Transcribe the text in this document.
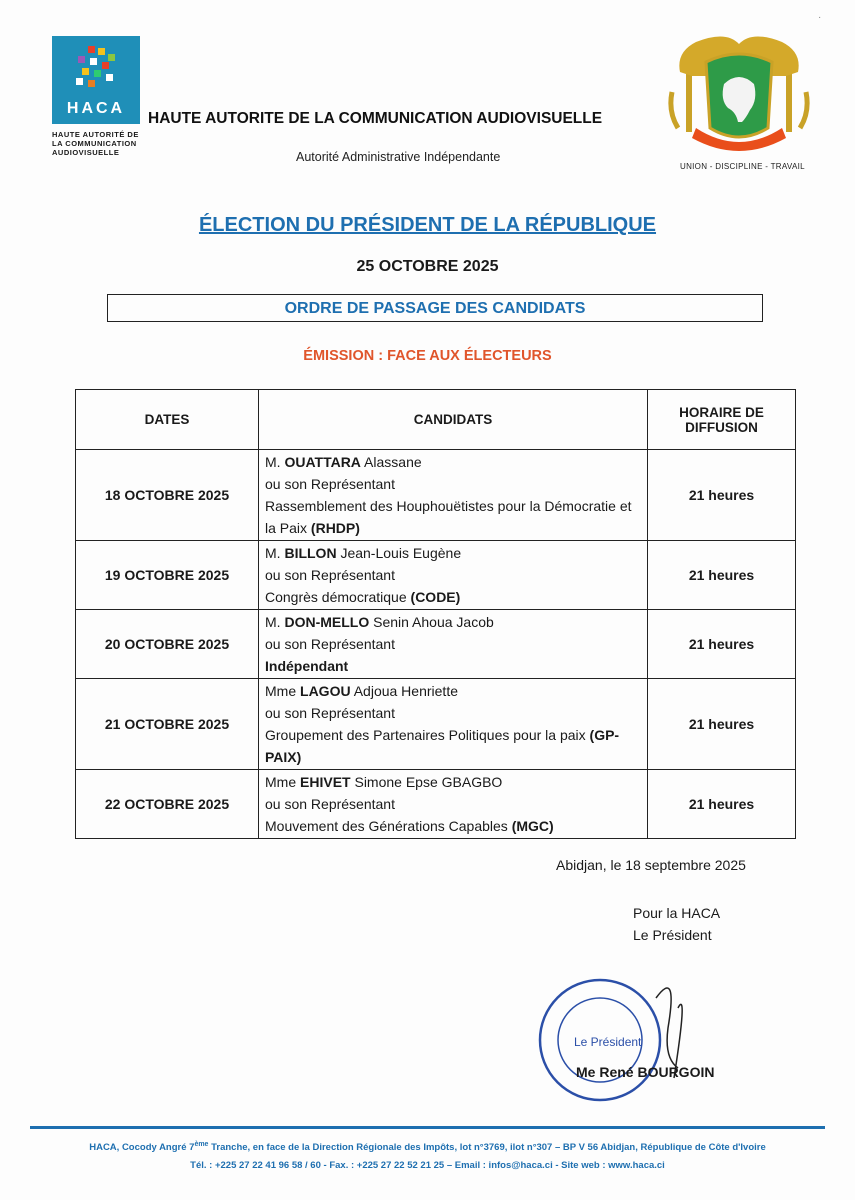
·
HACA
HAUTE AUTORITÉ DE
LA COMMUNICATION
AUDIOVISUELLE
HAUTE AUTORITE DE LA COMMUNICATION AUDIOVISUELLE
Autorité Administrative Indépendante
UNION - DISCIPLINE - TRAVAIL
ÉLECTION DU PRÉSIDENT DE LA RÉPUBLIQUE
25 OCTOBRE 2025
ORDRE DE PASSAGE DES CANDIDATS
ÉMISSION : FACE AUX ÉLECTEURS
DATES	CANDIDATS	HORAIRE DE
DIFFUSION
18 OCTOBRE 2025	M. OUATTARA Alassane
ou son Représentant
Rassemblement des Houphouëtistes pour la Démocratie et la Paix (RHDP)	21 heures
19 OCTOBRE 2025	M. BILLON Jean-Louis Eugène
ou son Représentant
Congrès démocratique (CODE)	21 heures
20 OCTOBRE 2025	M. DON-MELLO Senin Ahoua Jacob
ou son Représentant
Indépendant	21 heures
21 OCTOBRE 2025	Mme LAGOU Adjoua Henriette
ou son Représentant
Groupement des Partenaires Politiques pour la paix (GP-PAIX)	21 heures
22 OCTOBRE 2025	Mme EHIVET Simone Epse GBAGBO
ou son Représentant
Mouvement des Générations Capables (MGC)	21 heures
Abidjan, le 18 septembre 2025
Pour la HACA
Le Président
Le Président
Me René BOURGOIN
HACA, Cocody Angré 7ème Tranche, en face de la Direction Régionale des Impôts, lot n°3769, ilot n°307 – BP V 56 Abidjan, République de Côte d'Ivoire
Tél. : +225 27 22 41 96 58 / 60 - Fax. : +225 27 22 52 21 25 – Email : infos@haca.ci - Site web : www.haca.ci
